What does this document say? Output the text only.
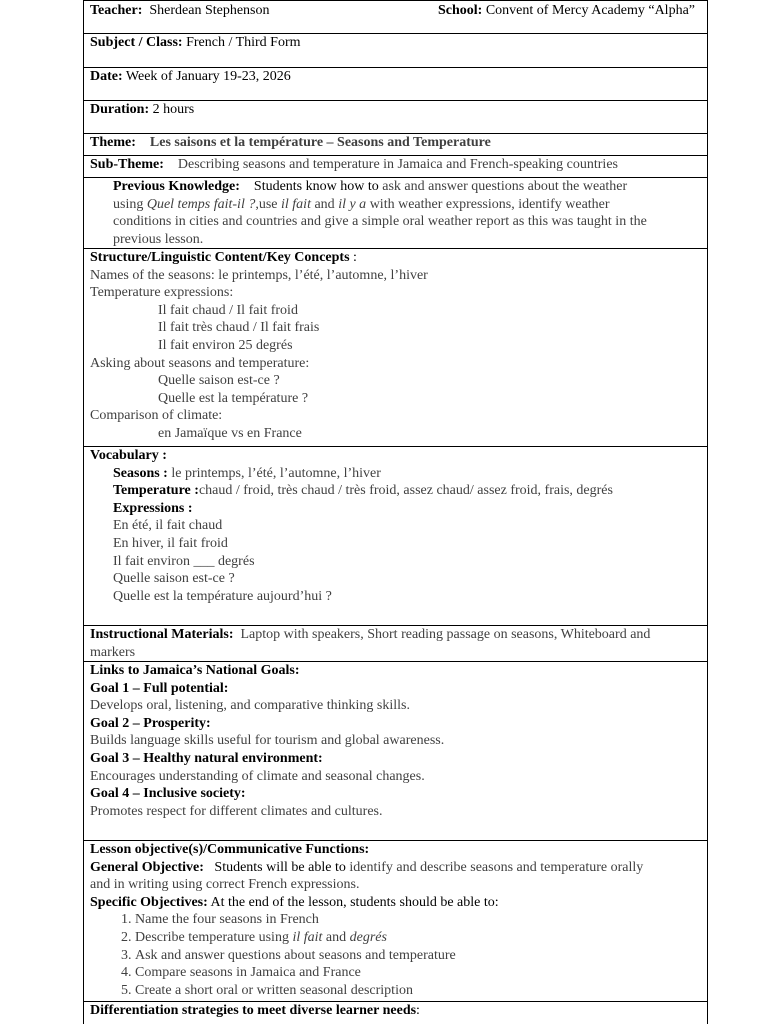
Teacher: Sherdean Stephenson	School: Convent of Mercy Academy “Alpha”
Subject / Class: French / Third Form
Date: Week of January 19-23, 2026
Duration: 2 hours
Theme: Les saisons et la température – Seasons and Temperature
Sub-Theme: Describing seasons and temperature in Jamaica and French-speaking countries
Previous Knowledge: Students know how to ask and answer questions about the weather
using Quel temps fait-il ?,use il fait and il y a with weather expressions, identify weather
conditions in cities and countries and give a simple oral weather report as this was taught in the
previous lesson.
Structure/Linguistic Content/Key Concepts :
Names of the seasons: le printemps, l’été, l’automne, l’hiver
Temperature expressions:
Il fait chaud / Il fait froid
Il fait très chaud / Il fait frais
Il fait environ 25 degrés
Asking about seasons and temperature:
Quelle saison est-ce ?
Quelle est la température ?
Comparison of climate:
en Jamaïque vs en France
Vocabulary :
Seasons : le printemps, l’été, l’automne, l’hiver
Temperature :chaud / froid, très chaud / très froid, assez chaud/ assez froid, frais, degrés
Expressions :
En été, il fait chaud
En hiver, il fait froid
Il fait environ ___ degrés
Quelle saison est-ce ?
Quelle est la température aujourd’hui ?
Instructional Materials: Laptop with speakers, Short reading passage on seasons, Whiteboard and
markers
Links to Jamaica’s National Goals:
Goal 1 – Full potential:
Develops oral, listening, and comparative thinking skills.
Goal 2 – Prosperity:
Builds language skills useful for tourism and global awareness.
Goal 3 – Healthy natural environment:
Encourages understanding of climate and seasonal changes.
Goal 4 – Inclusive society:
Promotes respect for different climates and cultures.
Lesson objective(s)/Communicative Functions:
General Objective: Students will be able to identify and describe seasons and temperature orally
and in writing using correct French expressions.
Specific Objectives: At the end of the lesson, students should be able to:
1. Name the four seasons in French
2. Describe temperature using il fait and degrés
3. Ask and answer questions about seasons and temperature
4. Compare seasons in Jamaica and France
5. Create a short oral or written seasonal description
Differentiation strategies to meet diverse learner needs:
